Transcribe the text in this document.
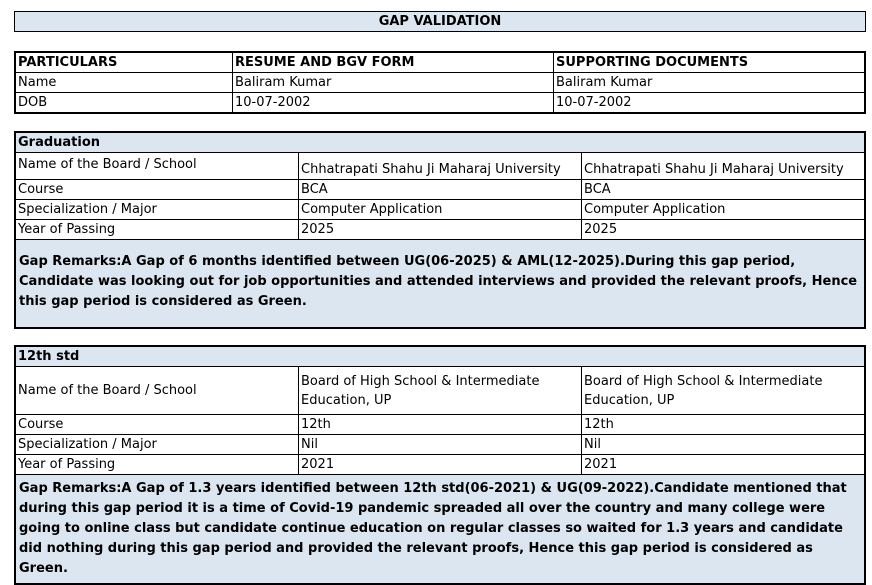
GAP VALIDATION
PARTICULARS	RESUME AND BGV FORM	SUPPORTING DOCUMENTS
Name	Baliram Kumar	Baliram Kumar
DOB	10-07-2002	10-07-2002
Graduation		
Name of the Board / School	Chhatrapati Shahu Ji Maharaj University	Chhatrapati Shahu Ji Maharaj University
Course	BCA	BCA
Specialization / Major	Computer Application	Computer Application
Year of Passing	2025	2025
Gap Remarks:A Gap of 6 months identified between UG(06-2025) & AML(12-2025).During this gap period, Candidate was looking out for job opportunities and attended interviews and provided the relevant proofs, Hence this gap period is considered as Green.		
12th std		
Name of the Board / School	Board of High School & Intermediate Education, UP	Board of High School & Intermediate Education, UP
Course	12th	12th
Specialization / Major	Nil	Nil
Year of Passing	2021	2021
Gap Remarks:A Gap of 1.3 years identified between 12th std(06-2021) & UG(09-2022).Candidate mentioned that during this gap period it is a time of Covid-19 pandemic spreaded all over the country and many college were going to online class but candidate continue education on regular classes so waited for 1.3 years and candidate did nothing during this gap period and provided the relevant proofs, Hence this gap period is considered as Green.		
